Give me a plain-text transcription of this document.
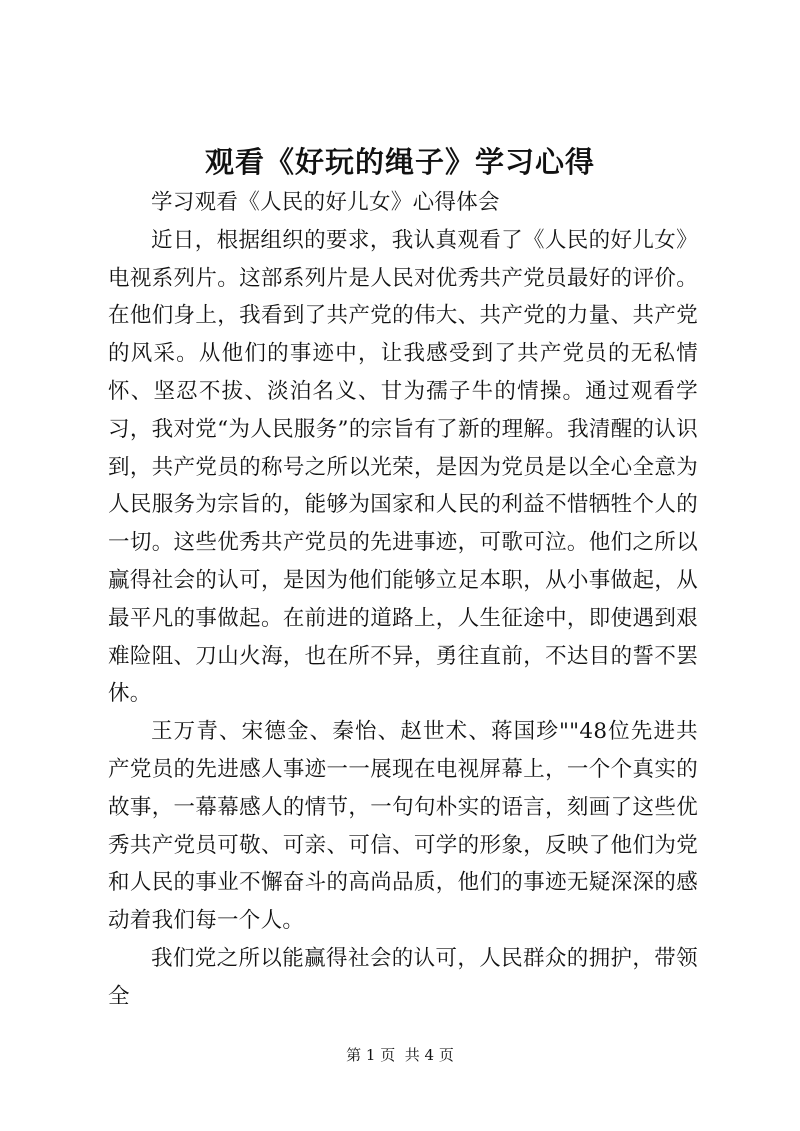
观看《好玩的绳子》学习心得

学习观看《人民的好儿女》心得体会

近日，根据组织的要求，我认真观看了《人民的好儿女》电视系列片。这部系列片是人民对优秀共产党员最好的评价。在他们身上，我看到了共产党的伟大、共产党的力量、共产党的风采。从他们的事迹中，让我感受到了共产党员的无私情怀、坚忍不拔、淡泊名义、甘为孺子牛的情操。通过观看学习，我对党“为人民服务”的宗旨有了新的理解。我清醒的认识到，共产党员的称号之所以光荣，是因为党员是以全心全意为人民服务为宗旨的，能够为国家和人民的利益不惜牺牲个人的一切。这些优秀共产党员的先进事迹，可歌可泣。他们之所以赢得社会的认可，是因为他们能够立足本职，从小事做起，从最平凡的事做起。在前进的道路上，人生征途中，即使遇到艰难险阻、刀山火海，也在所不异，勇往直前，不达目的誓不罢休。

王万青、宋德金、秦怡、赵世术、蒋国珍""48位先进共产党员的先进感人事迹一一展现在电视屏幕上，一个个真实的故事，一幕幕感人的情节，一句句朴实的语言，刻画了这些优秀共产党员可敬、可亲、可信、可学的形象，反映了他们为党和人民的事业不懈奋斗的高尚品质，他们的事迹无疑深深的感动着我们每一个人。

我们党之所以能赢得社会的认可，人民群众的拥护，带领全

第 1 页  共 4 页
